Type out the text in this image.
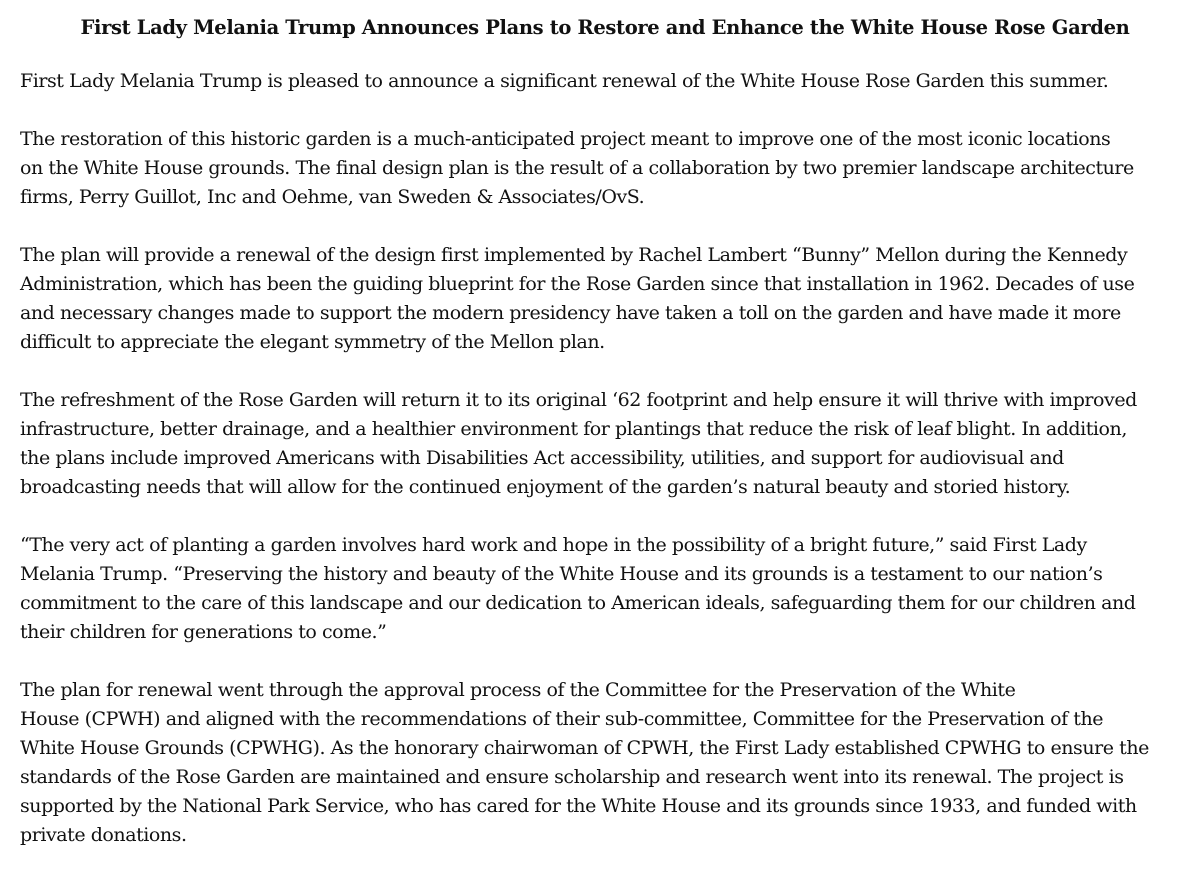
First Lady Melania Trump Announces Plans to Restore and Enhance the White House Rose Garden

First Lady Melania Trump is pleased to announce a significant renewal of the White House Rose Garden this summer.

The restoration of this historic garden is a much-anticipated project meant to improve one of the most iconic locations
on the White House grounds. The final design plan is the result of a collaboration by two premier landscape architecture
firms, Perry Guillot, Inc and Oehme, van Sweden & Associates/OvS.

The plan will provide a renewal of the design first implemented by Rachel Lambert “Bunny” Mellon during the Kennedy
Administration, which has been the guiding blueprint for the Rose Garden since that installation in 1962. Decades of use
and necessary changes made to support the modern presidency have taken a toll on the garden and have made it more
difficult to appreciate the elegant symmetry of the Mellon plan.

The refreshment of the Rose Garden will return it to its original ‘62 footprint and help ensure it will thrive with improved
infrastructure, better drainage, and a healthier environment for plantings that reduce the risk of leaf blight. In addition,
the plans include improved Americans with Disabilities Act accessibility, utilities, and support for audiovisual and
broadcasting needs that will allow for the continued enjoyment of the garden’s natural beauty and storied history.

“The very act of planting a garden involves hard work and hope in the possibility of a bright future,” said First Lady
Melania Trump. “Preserving the history and beauty of the White House and its grounds is a testament to our nation’s
commitment to the care of this landscape and our dedication to American ideals, safeguarding them for our children and
their children for generations to come.”

The plan for renewal went through the approval process of the Committee for the Preservation of the White
House (CPWH) and aligned with the recommendations of their sub-committee, Committee for the Preservation of the
White House Grounds (CPWHG). As the honorary chairwoman of CPWH, the First Lady established CPWHG to ensure the
standards of the Rose Garden are maintained and ensure scholarship and research went into its renewal. The project is
supported by the National Park Service, who has cared for the White House and its grounds since 1933, and funded with
private donations.
